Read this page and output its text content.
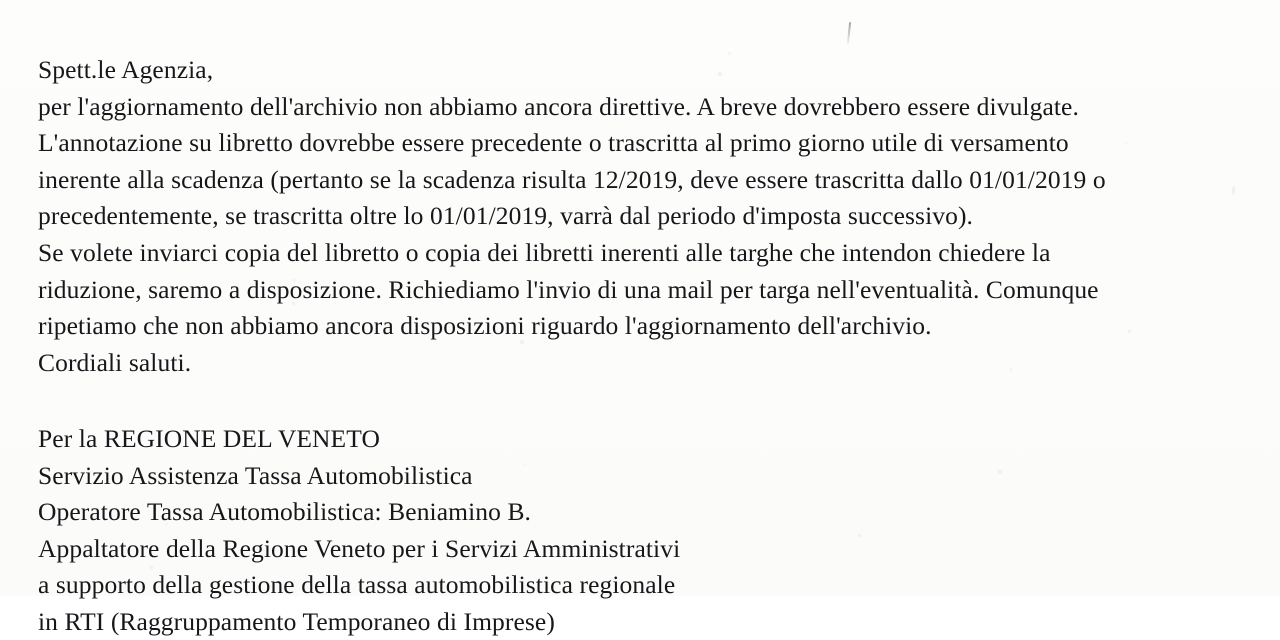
Spett.le Agenzia,
per l'aggiornamento dell'archivio non abbiamo ancora direttive. A breve dovrebbero essere divulgate.
L'annotazione su libretto dovrebbe essere precedente o trascritta al primo giorno utile di versamento
inerente alla scadenza (pertanto se la scadenza risulta 12/2019, deve essere trascritta dallo 01/01/2019 o
precedentemente, se trascritta oltre lo 01/01/2019, varrà dal periodo d'imposta successivo).
Se volete inviarci copia del libretto o copia dei libretti inerenti alle targhe che intendon chiedere la
riduzione, saremo a disposizione. Richiediamo l'invio di una mail per targa nell'eventualità. Comunque
ripetiamo che non abbiamo ancora disposizioni riguardo l'aggiornamento dell'archivio.
Cordiali saluti.
Per la REGIONE DEL VENETO
Servizio Assistenza Tassa Automobilistica
Operatore Tassa Automobilistica: Beniamino B.
Appaltatore della Regione Veneto per i Servizi Amministrativi
a supporto della gestione della tassa automobilistica regionale
in RTI (Raggruppamento Temporaneo di Imprese)
